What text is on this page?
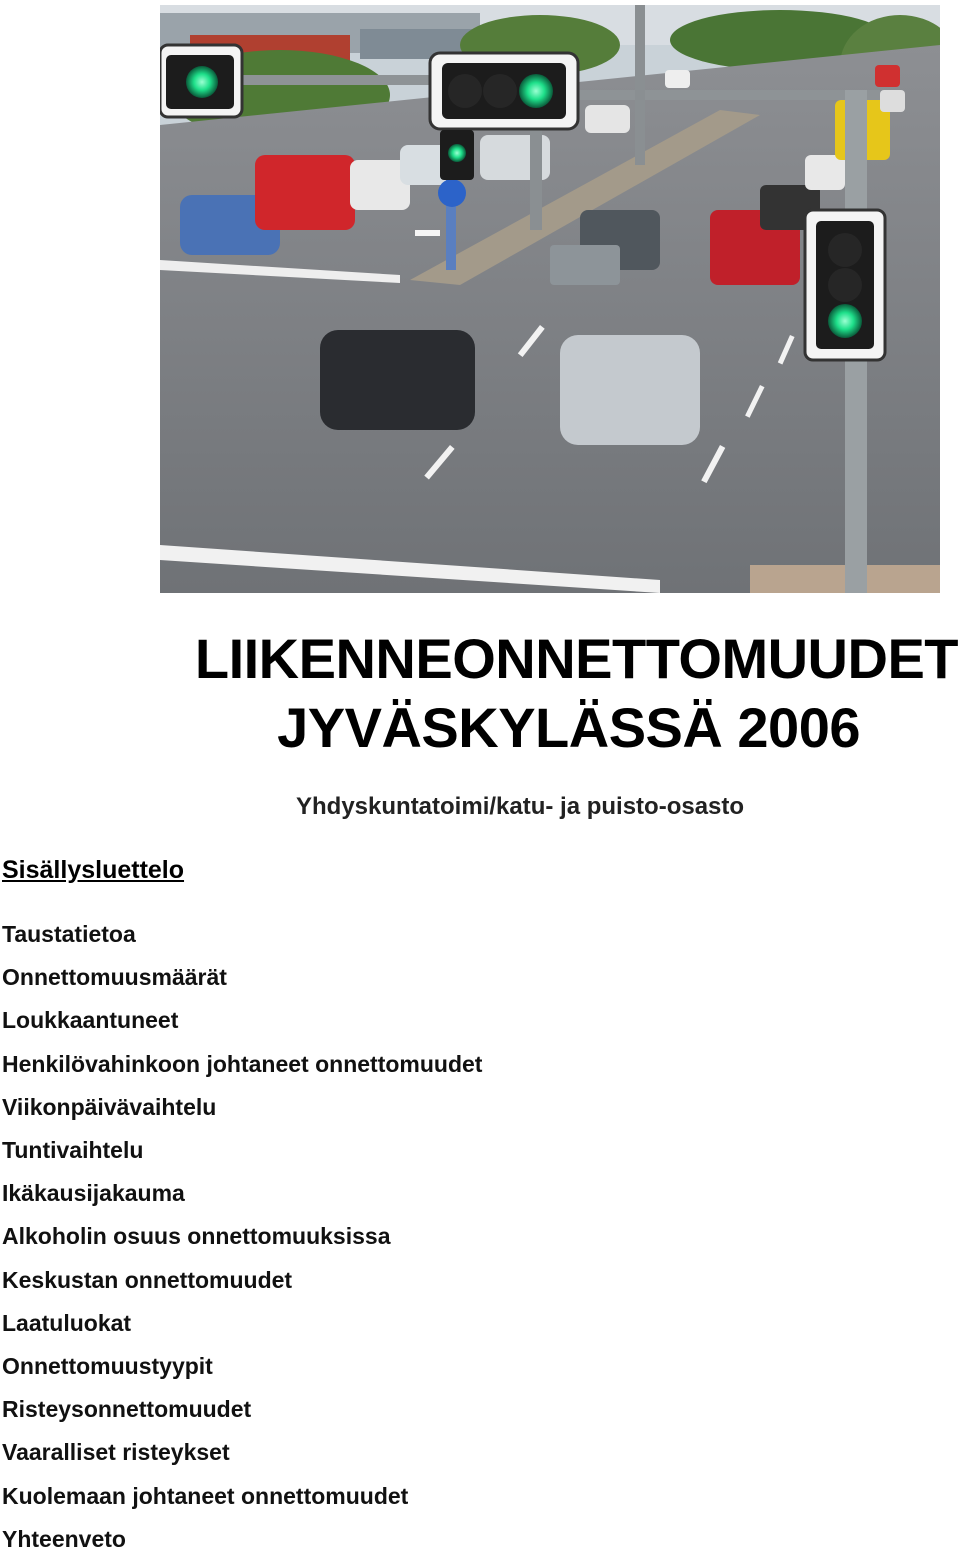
LIIKENNEONNETTOMUUDET
JYVÄSKYLÄSSÄ 2006
Yhdyskuntatoimi/katu- ja puisto-osasto
Sisällysluettelo
Taustatietoa
Onnettomuusmäärät
Loukkaantuneet
Henkilövahinkoon johtaneet onnettomuudet
Viikonpäivävaihtelu
Tuntivaihtelu
Ikäkausijakauma
Alkoholin osuus onnettomuuksissa
Keskustan onnettomuudet
Laatuluokat
Onnettomuustyypit
Risteysonnettomuudet
Vaaralliset risteykset
Kuolemaan johtaneet onnettomuudet
Yhteenveto
